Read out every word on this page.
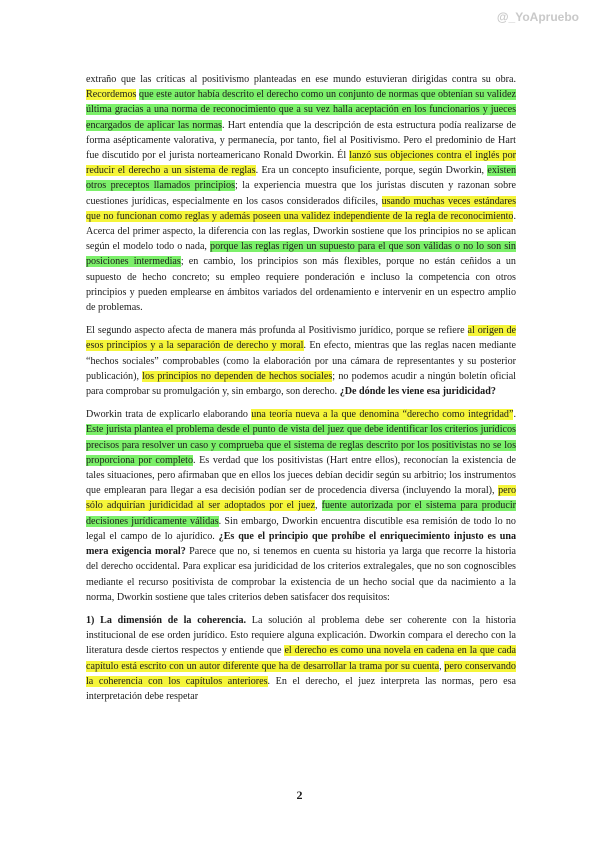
@_YoApruebo

extraño que las críticas al positivismo planteadas en ese mundo estuvieran dirigidas contra su obra. Recordemos que este autor había descrito el derecho como un conjunto de normas que obtenían su validez última gracias a una norma de reconocimiento que a su vez halla aceptación en los funcionarios y jueces encargados de aplicar las normas. Hart entendía que la descripción de esta estructura podía realizarse de forma asépticamente valorativa, y permanecía, por tanto, fiel al Positivismo. Pero el predominio de Hart fue discutido por el jurista norteamericano Ronald Dworkin. Él lanzó sus objeciones contra el inglés por reducir el derecho a un sistema de reglas. Era un concepto insuficiente, porque, según Dworkin, existen otros preceptos llamados principios; la experiencia muestra que los juristas discuten y razonan sobre cuestiones jurídicas, especialmente en los casos considerados difíciles, usando muchas veces estándares que no funcionan como reglas y además poseen una validez independiente de la regla de reconocimiento. Acerca del primer aspecto, la diferencia con las reglas, Dworkin sostiene que los principios no se aplican según el modelo todo o nada, porque las reglas rigen un supuesto para el que son válidas o no lo son sin posiciones intermedias; en cambio, los principios son más flexibles, porque no están ceñidos a un supuesto de hecho concreto; su empleo requiere ponderación e incluso la competencia con otros principios y pueden emplearse en ámbitos variados del ordenamiento e intervenir en un espectro amplio de problemas.

El segundo aspecto afecta de manera más profunda al Positivismo jurídico, porque se refiere al origen de esos principios y a la separación de derecho y moral. En efecto, mientras que las reglas nacen mediante “hechos sociales” comprobables (como la elaboración por una cámara de representantes y su posterior publicación), los principios no dependen de hechos sociales; no podemos acudir a ningún boletín oficial para comprobar su promulgación y, sin embargo, son derecho. ¿De dónde les viene esa juridicidad?

Dworkin trata de explicarlo elaborando una teoría nueva a la que denomina “derecho como integridad”. Este jurista plantea el problema desde el punto de vista del juez que debe identificar los criterios jurídicos precisos para resolver un caso y comprueba que el sistema de reglas descrito por los positivistas no se los proporciona por completo. Es verdad que los positivistas (Hart entre ellos), reconocían la existencia de tales situaciones, pero afirmaban que en ellos los jueces debían decidir según su arbitrio; los instrumentos que emplearan para llegar a esa decisión podían ser de procedencia diversa (incluyendo la moral), pero sólo adquirían juridicidad al ser adoptados por el juez, fuente autorizada por el sistema para producir decisiones jurídicamente válidas. Sin embargo, Dworkin encuentra discutible esa remisión de todo lo no legal el campo de lo ajurídico. ¿Es que el principio que prohíbe el enriquecimiento injusto es una mera exigencia moral? Parece que no, si tenemos en cuenta su historia ya larga que recorre la historia del derecho occidental. Para explicar esa juridicidad de los criterios extralegales, que no son cognoscibles mediante el recurso positivista de comprobar la existencia de un hecho social que da nacimiento a la norma, Dworkin sostiene que tales criterios deben satisfacer dos requisitos:

1) La dimensión de la coherencia. La solución al problema debe ser coherente con la historia institucional de ese orden jurídico. Esto requiere alguna explicación. Dworkin compara el derecho con la literatura desde ciertos respectos y entiende que el derecho es como una novela en cadena en la que cada capítulo está escrito con un autor diferente que ha de desarrollar la trama por su cuenta, pero conservando la coherencia con los capítulos anteriores. En el derecho, el juez interpreta las normas, pero esa interpretación debe respetar

2
